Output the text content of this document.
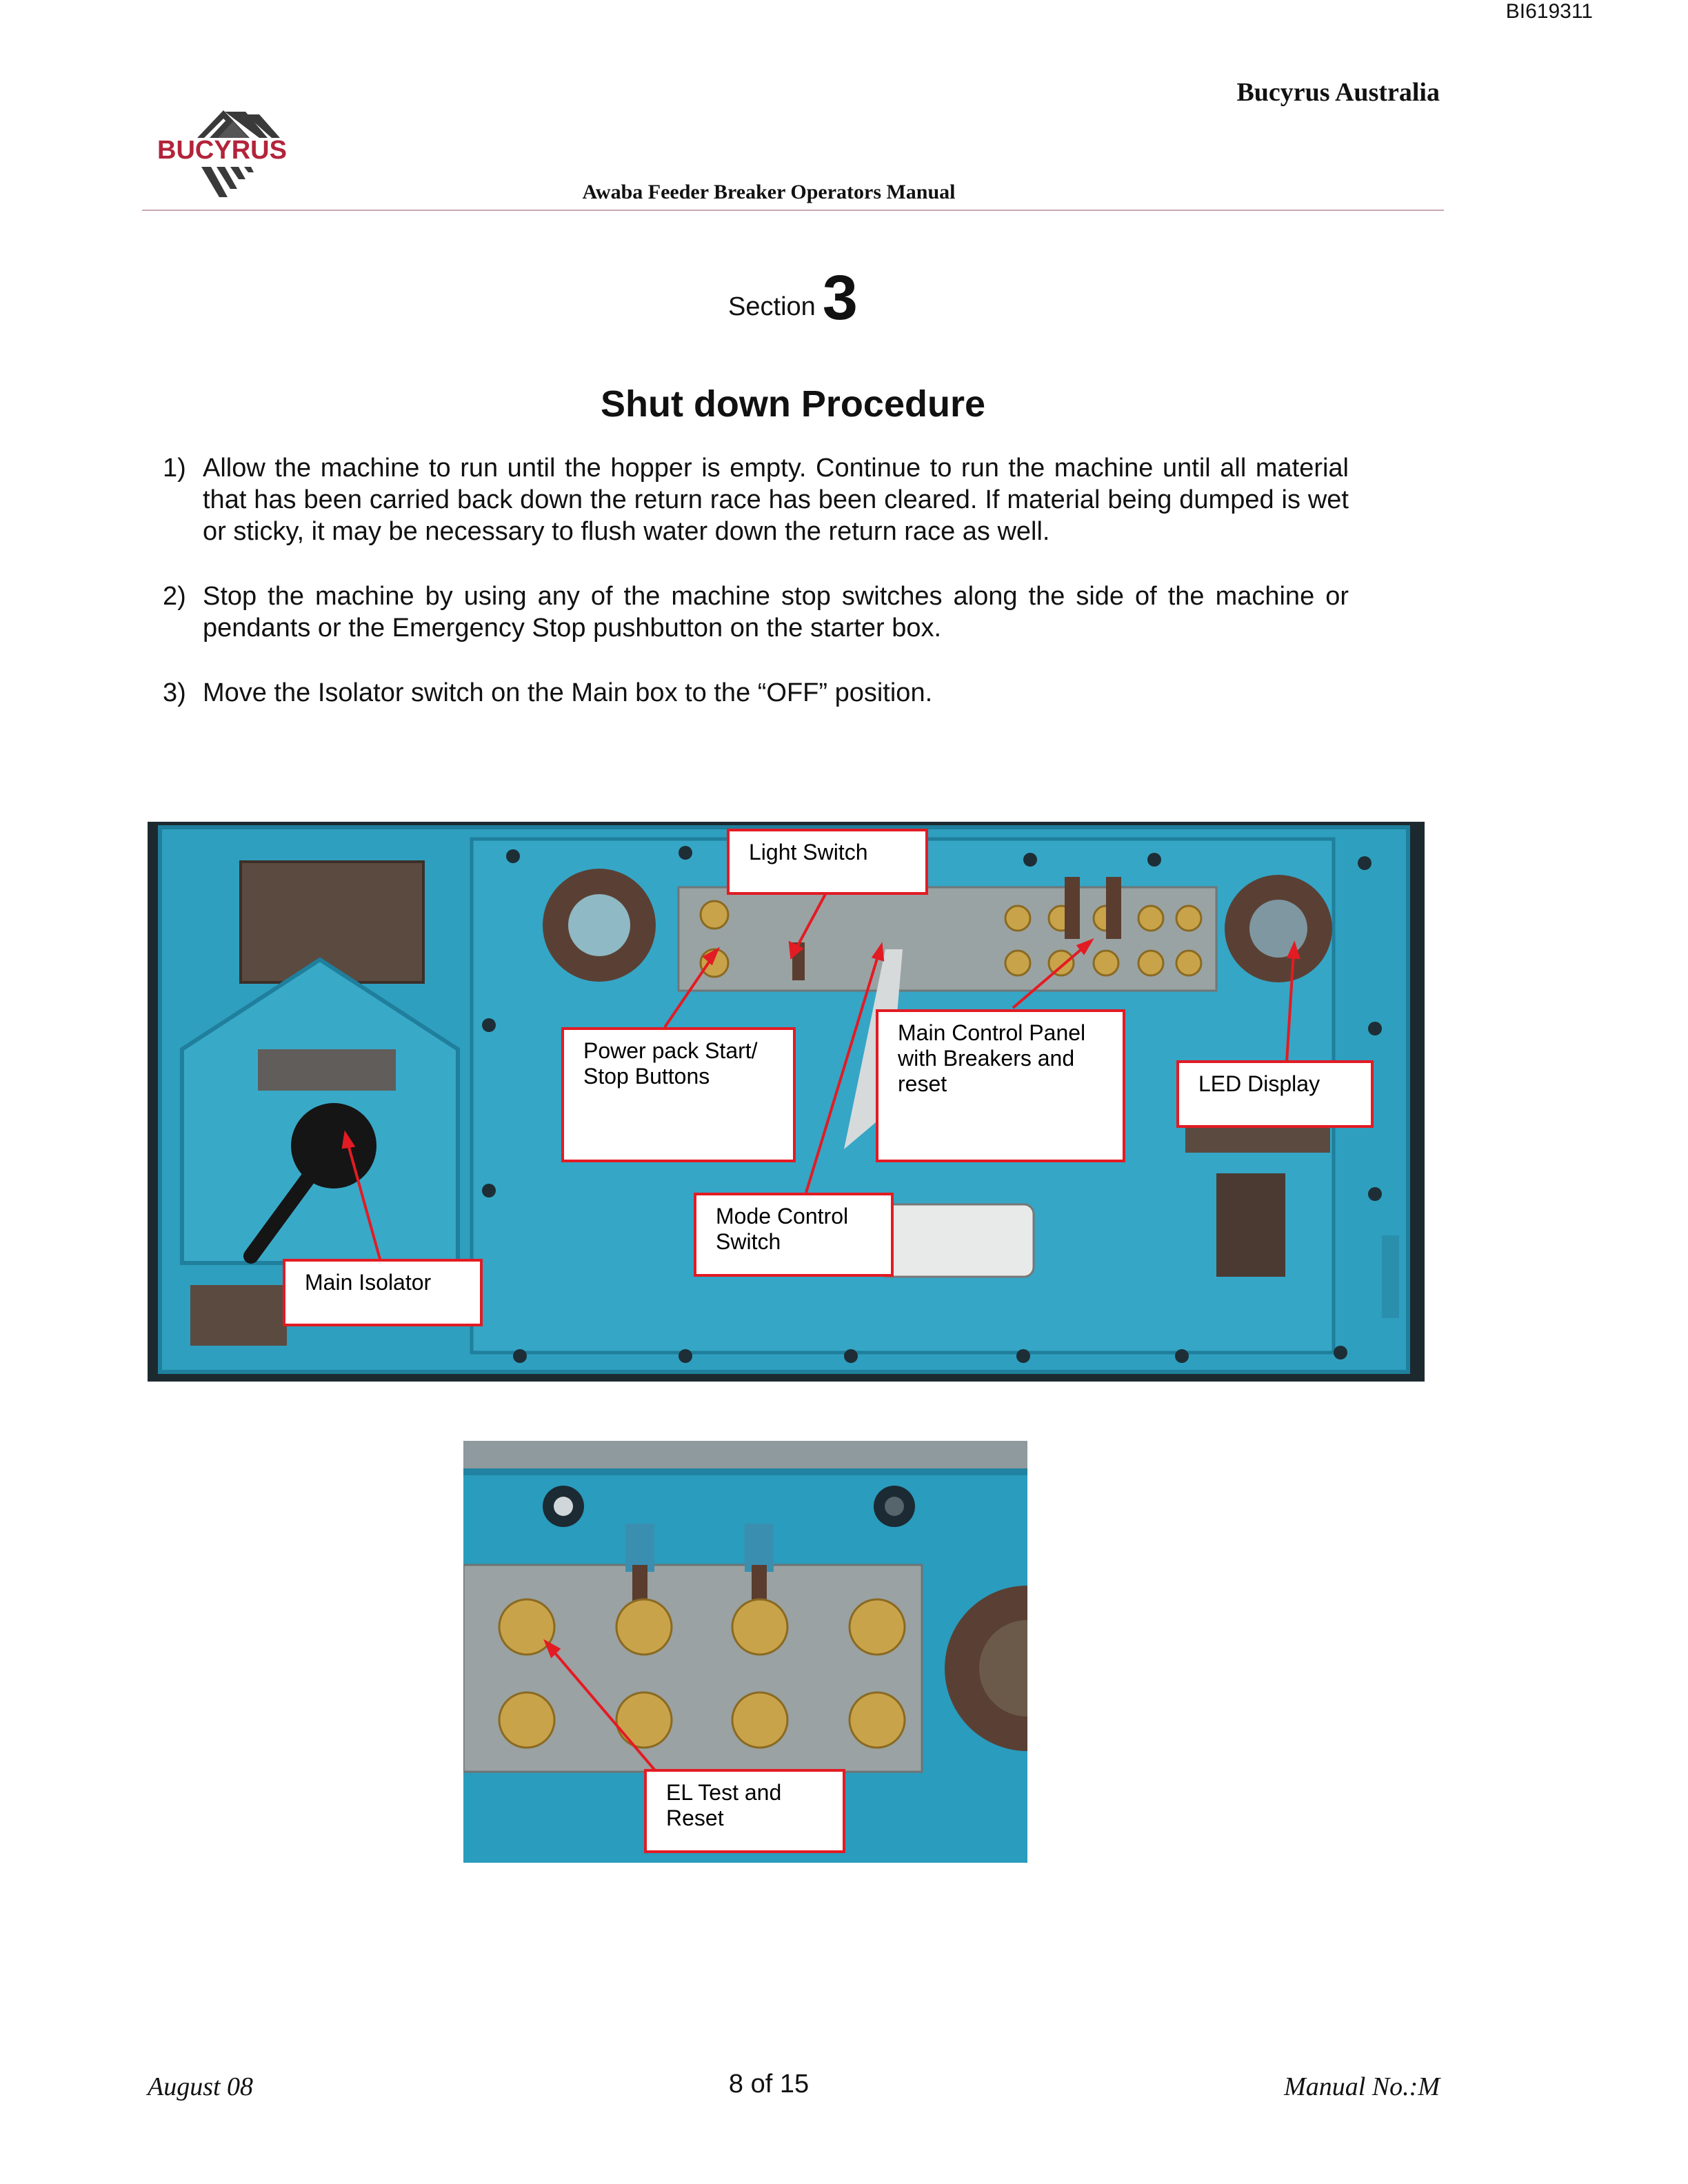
BI619311
Bucyrus Australia
BUCYRUS
Awaba Feeder Breaker Operators Manual
Section 3
Shut down Procedure
1) Allow the machine to run until the hopper is empty. Continue to run the machine until all material that has been carried back down the return race has been cleared. If material being dumped is wet or sticky, it may be necessary to flush water down the return race as well.
2) Stop the machine by using any of the machine stop switches along the side of the machine or pendants or the Emergency Stop pushbutton on the starter box.
3) Move the Isolator switch on the Main box to the “OFF” position.
Light Switch
Power pack Start/ Stop Buttons
Main Control Panel with Breakers and reset	LED Display
Mode Control Switch
Main Isolator
EL Test and Reset
August 08	8 of 15	Manual No.:M
